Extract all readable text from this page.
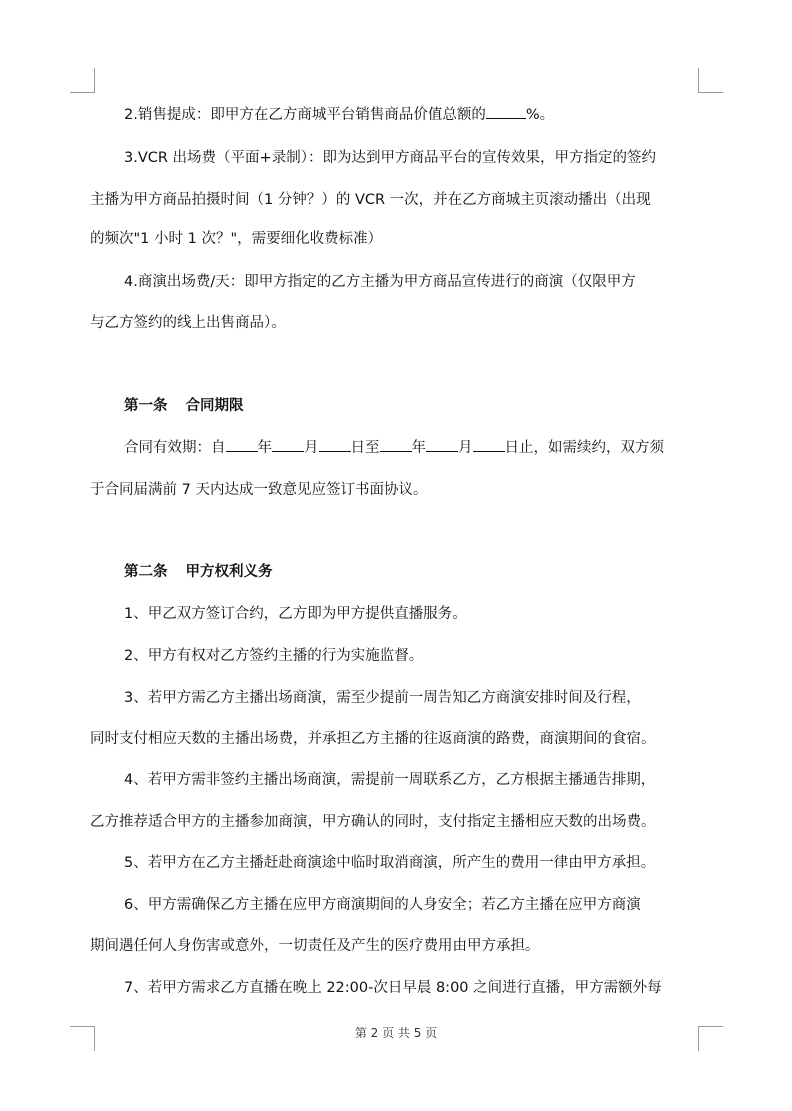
2.销售提成：即甲方在乙方商城平台销售商品价值总额的	%。
3.VCR 出场费（平面+录制）：即为达到甲方商品平台的宣传效果，甲方指定的签约
主播为甲方商品拍摄时间（1 分钟？）的 VCR 一次，并在乙方商城主页滚动播出（出现
的频次"1 小时 1 次？"，需要细化收费标准）
4.商演出场费/天：即甲方指定的乙方主播为甲方商品宣传进行的商演（仅限甲方
与乙方签约的线上出售商品）。
第一条 合同期限
合同有效期：自 年 月 日至 年 月 日止，如需续约，双方须
于合同届满前 7 天内达成一致意见应签订书面协议。
第二条 甲方权利义务
1、甲乙双方签订合约，乙方即为甲方提供直播服务。
2、甲方有权对乙方签约主播的行为实施监督。
3、若甲方需乙方主播出场商演，需至少提前一周告知乙方商演安排时间及行程，
同时支付相应天数的主播出场费，并承担乙方主播的往返商演的路费，商演期间的食宿。
4、若甲方需非签约主播出场商演，需提前一周联系乙方，乙方根据主播通告排期，
乙方推荐适合甲方的主播参加商演，甲方确认的同时，支付指定主播相应天数的出场费。
5、若甲方在乙方主播赶赴商演途中临时取消商演，所产生的费用一律由甲方承担。
6、甲方需确保乙方主播在应甲方商演期间的人身安全；若乙方主播在应甲方商演
期间遇任何人身伤害或意外，一切责任及产生的医疗费用由甲方承担。
7、若甲方需求乙方直播在晚上 22:00-次日早晨 8:00 之间进行直播，甲方需额外每
第 2 页 共 5 页
